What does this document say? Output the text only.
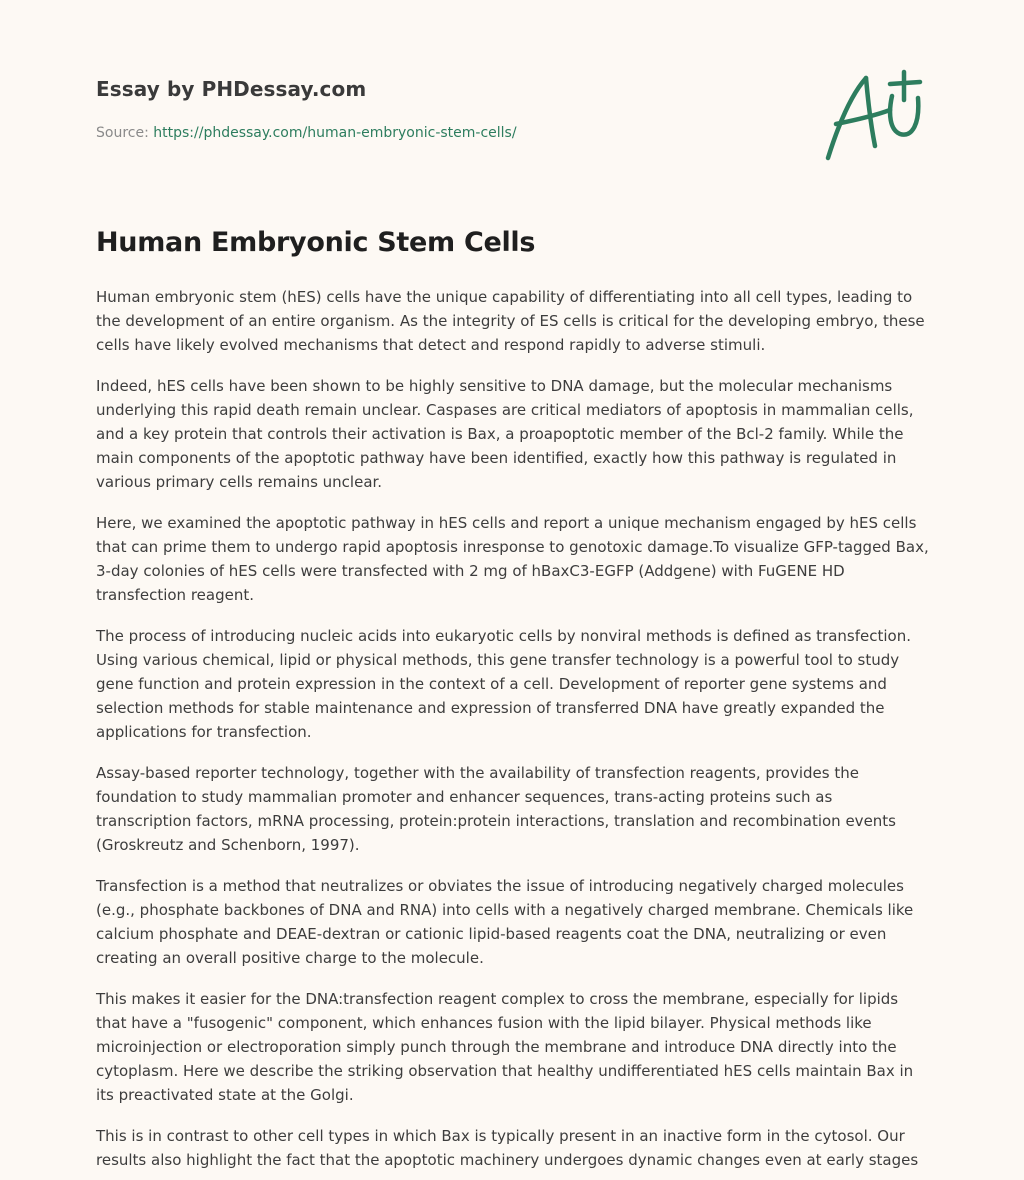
Essay by PHDessay.com
Source: https://phdessay.com/human-embryonic-stem-cells/
Human Embryonic Stem Cells

Human embryonic stem (hES) cells have the unique capability of differentiating into all cell types, leading to the development of an entire organism. As the integrity of ES cells is critical for the developing embryo, these cells have likely evolved mechanisms that detect and respond rapidly to adverse stimuli.

Indeed, hES cells have been shown to be highly sensitive to DNA damage, but the molecular mechanisms underlying this rapid death remain unclear. Caspases are critical mediators of apoptosis in mammalian cells, and a key protein that controls their activation is Bax, a proapoptotic member of the Bcl-2 family. While the main components of the apoptotic pathway have been identified, exactly how this pathway is regulated in various primary cells remains unclear.

Here, we examined the apoptotic pathway in hES cells and report a unique mechanism engaged by hES cells that can prime them to undergo rapid apoptosis inresponse to genotoxic damage.To visualize GFP-tagged Bax, 3-day colonies of hES cells were transfected with 2 mg of hBaxC3-EGFP (Addgene) with FuGENE HD transfection reagent.

The process of introducing nucleic acids into eukaryotic cells by nonviral methods is defined as transfection. Using various chemical, lipid or physical methods, this gene transfer technology is a powerful tool to study gene function and protein expression in the context of a cell. Development of reporter gene systems and selection methods for stable maintenance and expression of transferred DNA have greatly expanded the applications for transfection.

Assay-based reporter technology, together with the availability of transfection reagents, provides the foundation to study mammalian promoter and enhancer sequences, trans-acting proteins such as transcription factors, mRNA processing, protein:protein interactions, translation and recombination events (Groskreutz and Schenborn, 1997).

Transfection is a method that neutralizes or obviates the issue of introducing negatively charged molecules (e.g., phosphate backbones of DNA and RNA) into cells with a negatively charged membrane. Chemicals like calcium phosphate and DEAE-dextran or cationic lipid-based reagents coat the DNA, neutralizing or even creating an overall positive charge to the molecule.

This makes it easier for the DNA:transfection reagent complex to cross the membrane, especially for lipids that have a "fusogenic" component, which enhances fusion with the lipid bilayer. Physical methods like microinjection or electroporation simply punch through the membrane and introduce DNA directly into the cytoplasm. Here we describe the striking observation that healthy undifferentiated hES cells maintain Bax in its preactivated state at the Golgi.

This is in contrast to other cell types in which Bax is typically present in an inactive form in the cytosol. Our results also highlight the fact that the apoptotic machinery undergoes dynamic changes even at early stages
